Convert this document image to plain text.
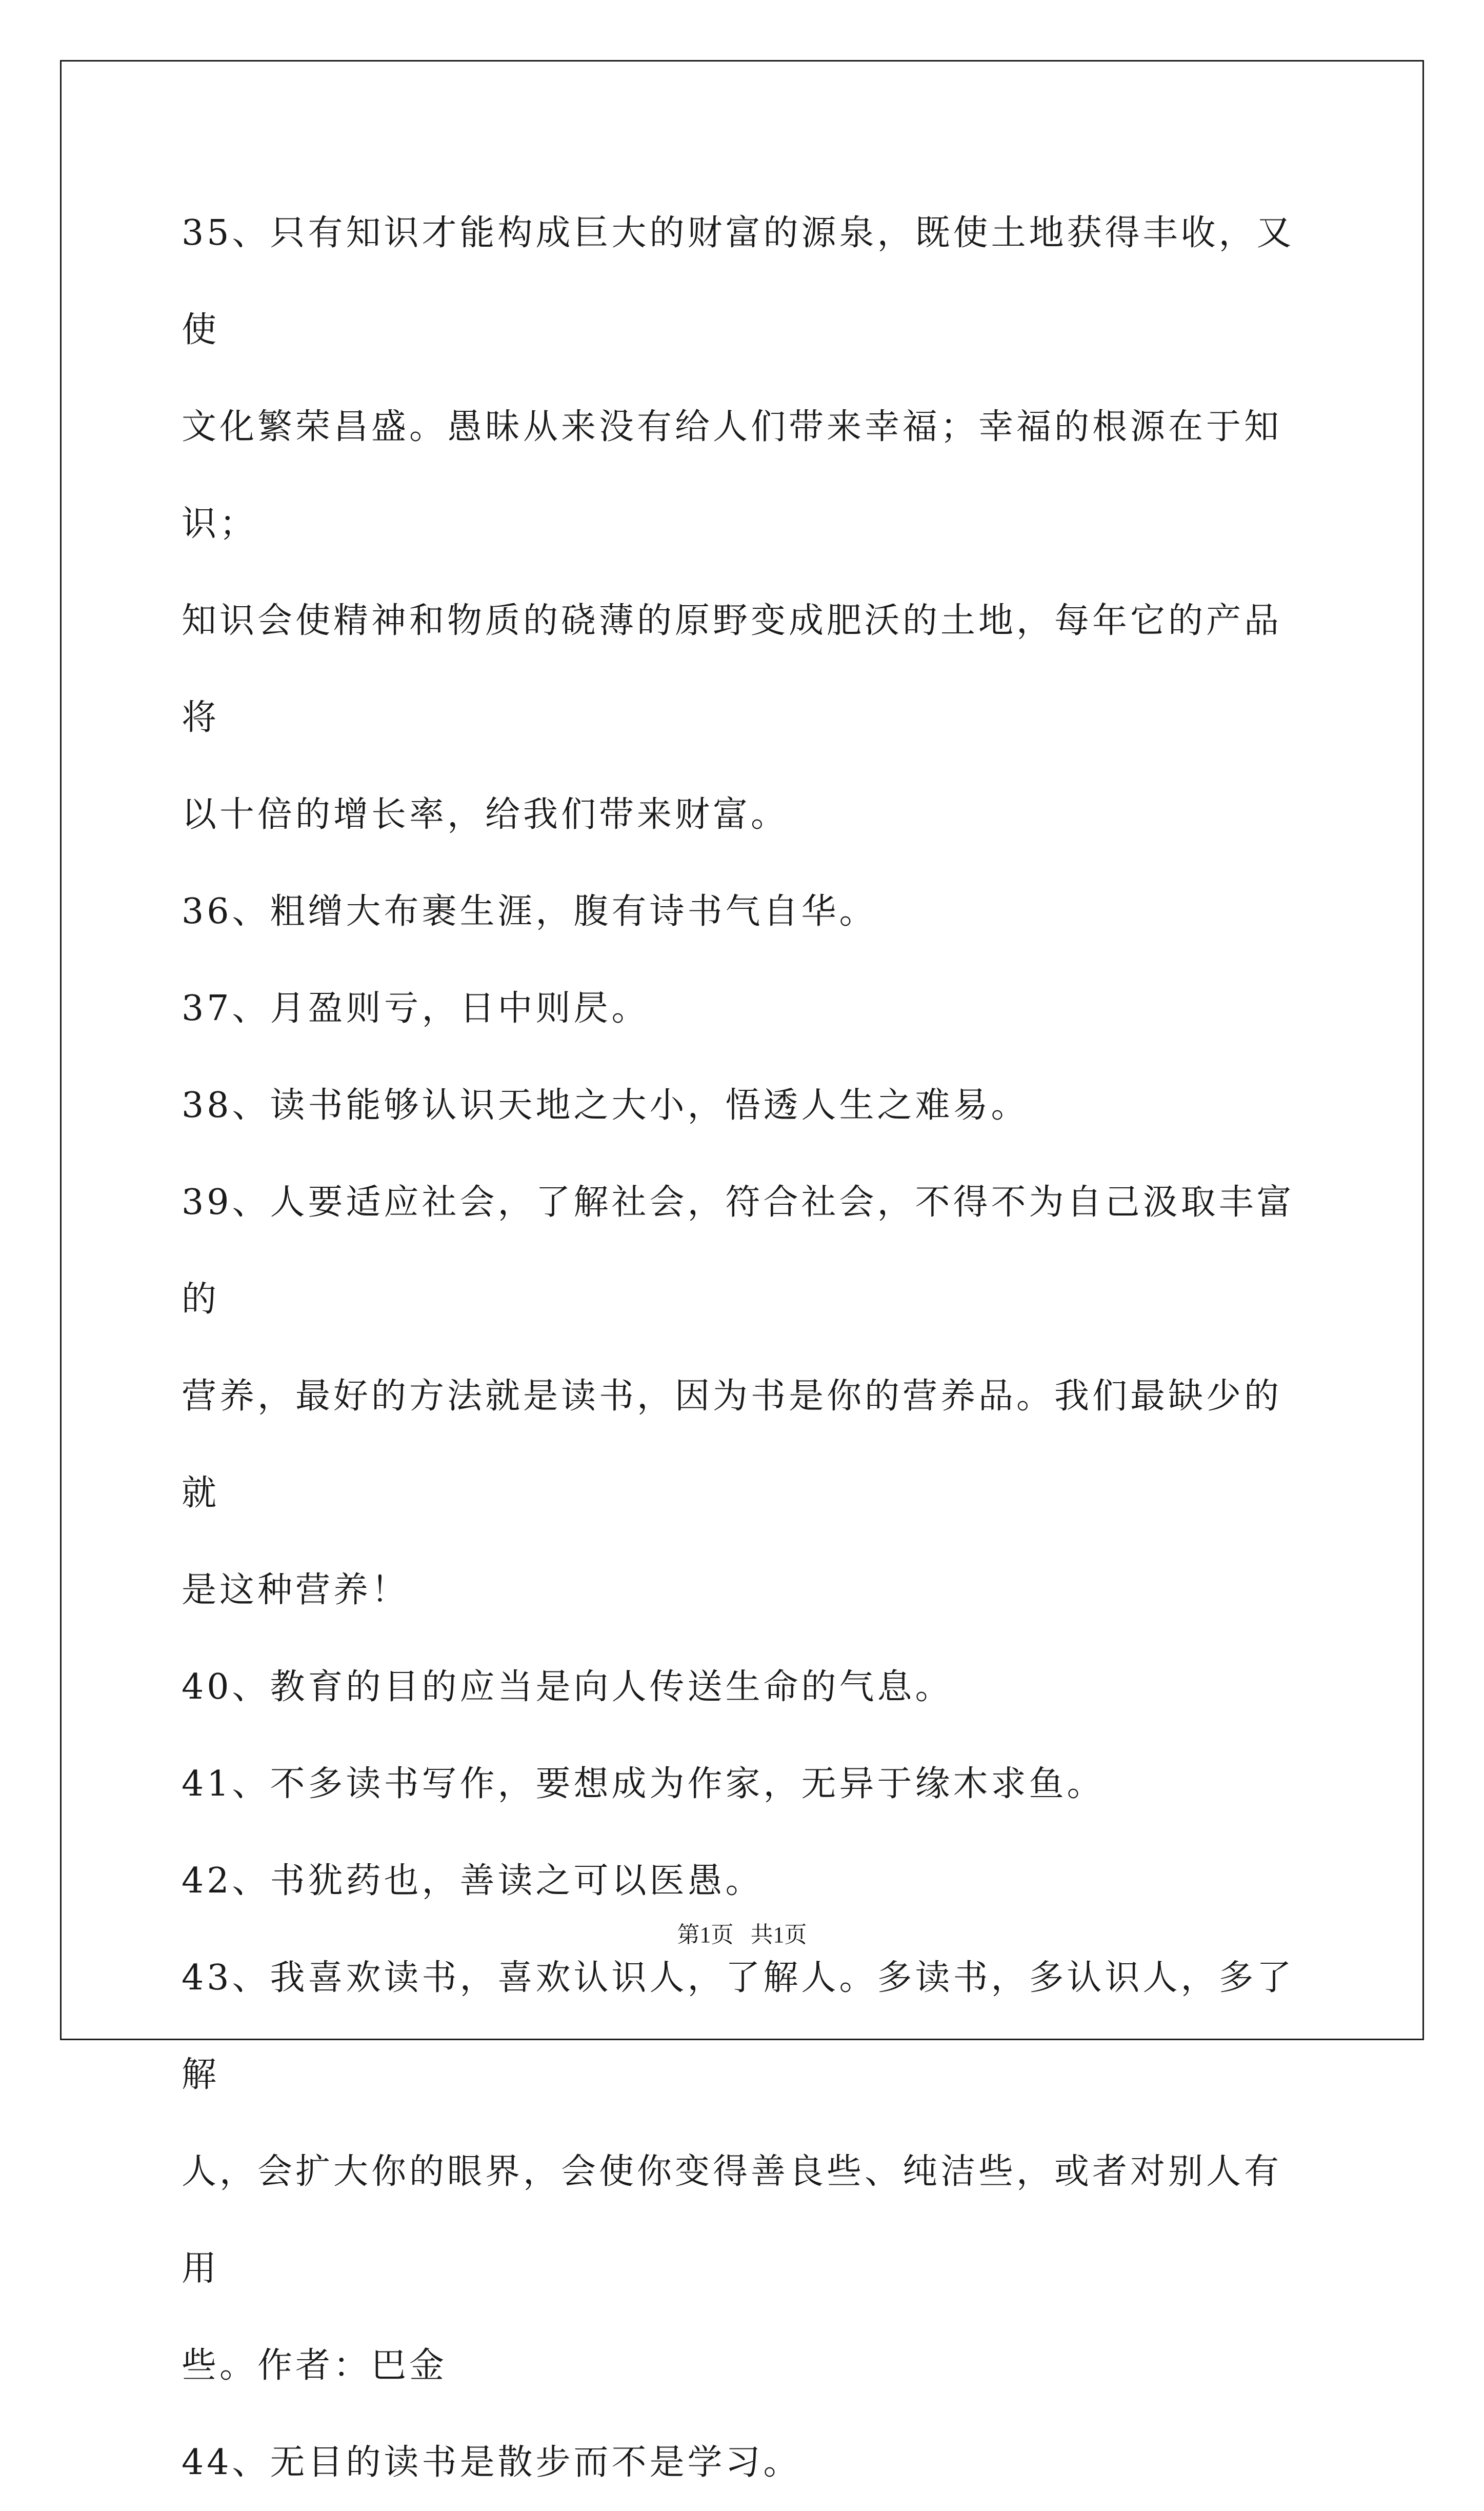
35、只有知识才能构成巨大的财富的源泉，既使土地获得丰收，又使
文化繁荣昌盛。愚昧从来没有给人们带来幸福；幸福的根源在于知识；
知识会使精神和物质的硗薄的原野变成肥沃的土地，每年它的产品将
以十倍的增长率，给我们带来财富。

36、粗缯大布裹生涯，腹有诗书气自华。

37、月盈则亏，日中则昃。

38、读书能够认识天地之大小，悟透人生之难易。

39、人要适应社会，了解社会，符合社会，不得不为自己汲取丰富的
营养，最好的方法就是读书，因为书是你的营养品。我们最缺少的就
是这种营养！

40、教育的目的应当是向人传送生命的气息。

41、不多读书写作，要想成为作家，无异于缘木求鱼。

42、书犹药也，善读之可以医愚。

43、我喜欢读书，喜欢认识人，了解人。多读书，多认识人，多了解
人，会扩大你的眼界，会使你变得善良些、纯洁些，或者对别人有用
些。作者：巴金

44、无目的读书是散步而不是学习。

第1页   共1页
